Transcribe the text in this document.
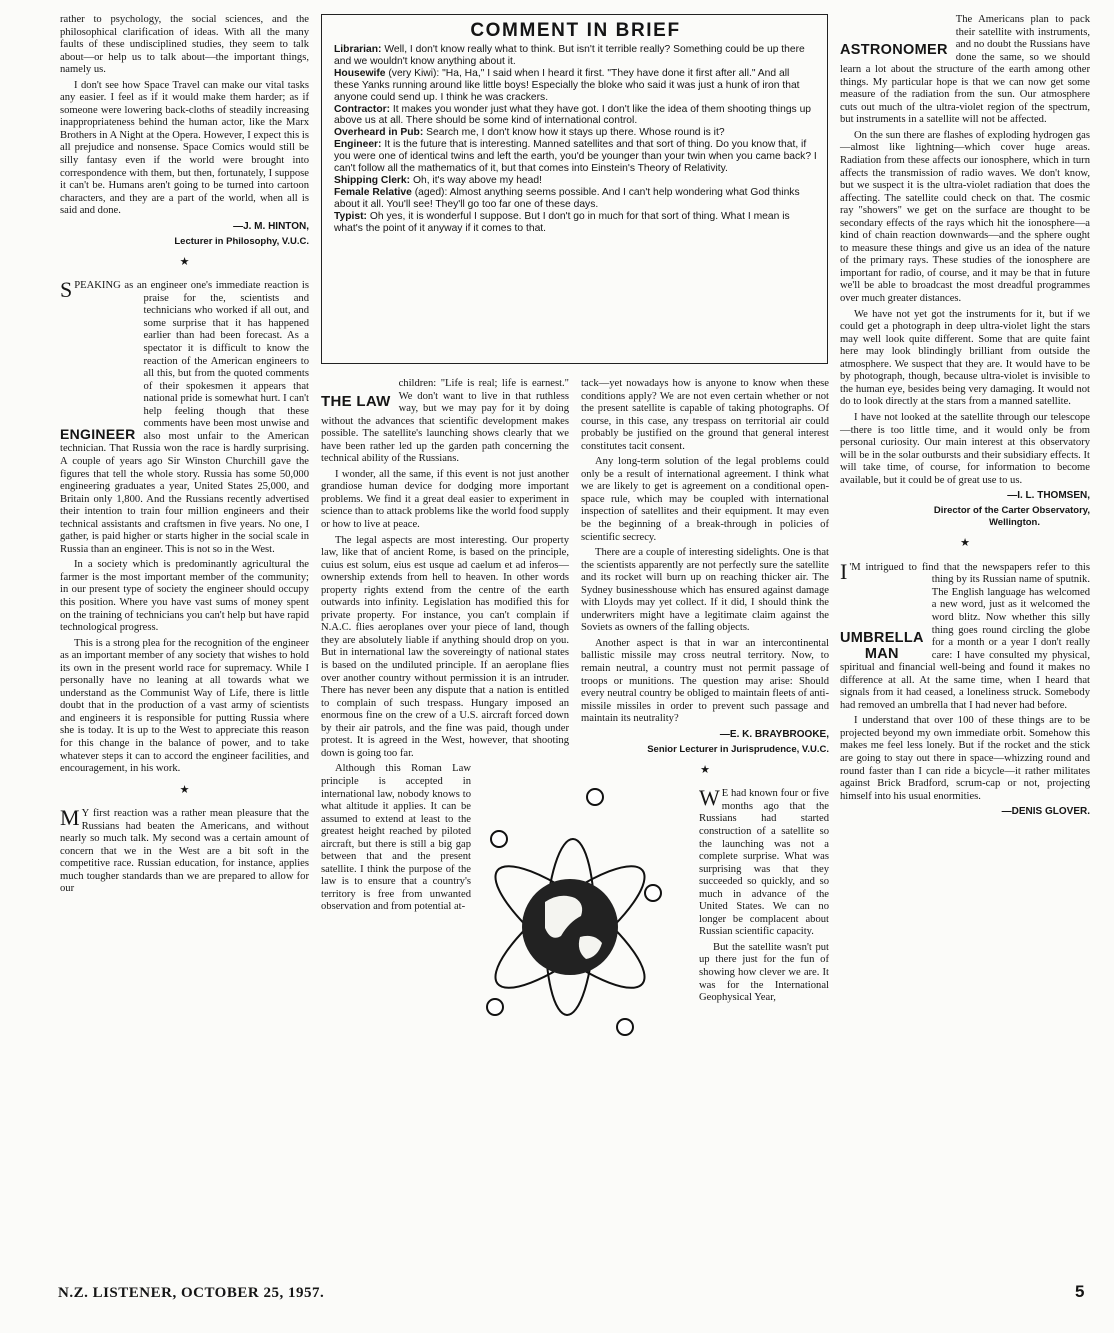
rather to psychology, the social sciences, and the philosophical clarification of ideas. With all the many faults of these undisciplined studies, they seem to talk about—or help us to talk about—the important things, namely us.

I don't see how Space Travel can make our vital tasks any easier. I feel as if it would make them harder; as if someone were lowering back-cloths of steadily increasing inappropriateness behind the human actor, like the Marx Brothers in A Night at the Opera. However, I expect this is all prejudice and nonsense. Space Comics would still be silly fantasy even if the world were brought into correspondence with them, but then, fortunately, I suppose it can't be. Humans aren't going to be turned into cartoon characters, and they are a part of the world, when all is said and done.

—J. M. HINTON,

Lecturer in Philosophy, V.U.C.

★

S
ENGINEER
PEAKING as an engineer one's immediate reaction is praise for the, scientists and technicians who worked if all out, and some surprise that it has happened earlier than had been forecast. As a spectator it is difficult to know the reaction of the American engineers to all this, but from the quoted comments of their spokesmen it appears that national pride is somewhat hurt. I can't help feeling though that these comments have been most unwise and also most unfair to the American technician. That Russia won the race is hardly surprising. A couple of years ago Sir Winston Churchill gave the figures that tell the whole story. Russia has some 50,000 engineering graduates a year, United States 25,000, and Britain only 1,800. And the Russians recently advertised their intention to train four million engineers and their technical assistants and craftsmen in five years. No one, I gather, is paid higher or starts higher in the social scale in Russia than an engineer. This is not so in the West.

In a society which is predominantly agricultural the farmer is the most important member of the community; in our present type of society the engineer should occupy this position. Where you have vast sums of money spent on the training of technicians you can't help but have rapid technological progress.

This is a strong plea for the recognition of the engineer as an important member of any society that wishes to hold its own in the present world race for supremacy. While I personally have no leaning at all towards what we understand as the Communist Way of Life, there is little doubt that in the production of a vast army of scientists and engineers it is responsible for putting Russia where she is today. It is up to the West to appreciate this reason for this change in the balance of power, and to take whatever steps it can to accord the engineer facilities, and encouragement, in his work.

★

M Y first reaction was a rather mean pleasure that the Russians had beaten the Americans, and without nearly so much talk. My second was a certain amount of concern that we in the West are a bit soft in the competitive race. Russian education, for instance, applies much tougher standards than we are prepared to allow for our

COMMENT IN BRIEF

Librarian: Well, I don't know really what to think. But isn't it terrible really? Something could be up there and we wouldn't know anything about it.

Housewife (very Kiwi): "Ha, Ha," I said when I heard it first. "They have done it first after all." And all these Yanks running around like little boys! Especially the bloke who said it was just a hunk of iron that anyone could send up. I think he was crackers.

Contractor: It makes you wonder just what they have got. I don't like the idea of them shooting things up above us at all. There should be some kind of international control.

Overheard in Pub: Search me, I don't know how it stays up there. Whose round is it?

Engineer: It is the future that is interesting. Manned satellites and that sort of thing. Do you know that, if you were one of identical twins and left the earth, you'd be younger than your twin when you came back? I can't follow all the mathematics of it, but that comes into Einstein's Theory of Relativity.

Shipping Clerk: Oh, it's way above my head!

Female Relative (aged): Almost anything seems possible. And I can't help wondering what God thinks about it all. You'll see! They'll go too far one of these days.

Typist: Oh yes, it is wonderful I suppose. But I don't go in much for that sort of thing. What I mean is what's the point of it anyway if it comes to that.

THE LAW
children: "Life is real; life is earnest." We don't want to live in that ruthless way, but we may pay for it by doing without the advances that scientific development makes possible. The satellite's launching shows clearly that we have been rather led up the garden path concerning the technical ability of the Russians.

I wonder, all the same, if this event is not just another grandiose human device for dodging more important problems. We find it a great deal easier to experiment in science than to attack problems like the world food supply or how to live at peace.

The legal aspects are most interesting. Our property law, like that of ancient Rome, is based on the principle, cuius est solum, eius est usque ad caelum et ad inferos—ownership extends from hell to heaven. In other words property rights extend from the centre of the earth outwards into infinity. Legislation has modified this for private property. For instance, you can't complain if N.A.C. flies aeroplanes over your piece of land, though they are absolutely liable if anything should drop on you. But in international law the sovereingty of national states is based on the undiluted principle. If an aeroplane flies over another country without permission it is an intruder. There has never been any dispute that a nation is entitled to complain of such trespass. Hungary imposed an enormous fine on the crew of a U.S. aircraft forced down by their air patrols, and the fine was paid, though under protest. It is agreed in the West, however, that shooting down is going too far.

Although this Roman Law principle is accepted in international law, nobody knows to what altitude it applies. It can be assumed to extend at least to the greatest height reached by piloted aircraft, but there is still a big gap between that and the present satellite. I think the purpose of the law is to ensure that a country's territory is free from unwanted observation and from potential at-

tack—yet nowadays how is anyone to know when these conditions apply? We are not even certain whether or not the present satellite is capable of taking photographs. Of course, in this case, any trespass on territorial air could probably be justified on the ground that general interest constitutes tacit consent.

Any long-term solution of the legal problems could only be a result of international agreement. I think what we are likely to get is agreement on a conditional open-space rule, which may be coupled with international inspection of satellites and their equipment. It may even be the beginning of a break-through in policies of scientific secrecy.

There are a couple of interesting sidelights. One is that the scientists apparently are not perfectly sure the satellite and its rocket will burn up on reaching thicker air. The Sydney businesshouse which has ensured against damage with Lloyds may yet collect. If it did, I should think the underwriters might have a legitimate claim against the Soviets as owners of the falling objects.

Another aspect is that in war an intercontinental ballistic missile may cross neutral territory. Now, to remain neutral, a country must not permit passage of troops or munitions. The question may arise: Should every neutral country be obliged to maintain fleets of anti-missile missiles in order to prevent such passage and maintain its neutrality?

—E. K. BRAYBROOKE,

Senior Lecturer in Jurisprudence, V.U.C.

★

W E had known four or five months ago that the Russians had started construction of a satellite so the launching was not a complete surprise. What was surprising was that they succeeded so quickly, and so much in advance of the United States. We can no longer be complacent about Russian scientific capacity.

But the satellite wasn't put up there just for the fun of showing how clever we are. It was for the International Geophysical Year,

ASTRONOMER
The Americans plan to pack their satellite with instruments, and no doubt the Russians have done the same, so we should learn a lot about the structure of the earth among other things. My particular hope is that we can now get some measure of the radiation from the sun. Our atmosphere cuts out much of the ultra-violet region of the spectrum, but instruments in a satellite will not be affected.

On the sun there are flashes of exploding hydrogen gas—almost like lightning—which cover huge areas. Radiation from these affects our ionosphere, which in turn affects the transmission of radio waves. We don't know, but we suspect it is the ultra-violet radiation that does the affecting. The satellite could check on that. The cosmic ray "showers" we get on the surface are thought to be secondary effects of the rays which hit the ionosphere—a kind of chain reaction downwards—and the sphere ought to measure these things and give us an idea of the nature of the primary rays. These studies of the ionosphere are important for radio, of course, and it may be that in future we'll be able to broadcast the most dreadful programmes over much greater distances.

We have not yet got the instruments for it, but if we could get a photograph in deep ultra-violet light the stars may well look quite different. Some that are quite faint here may look blindingly brilliant from outside the atmosphere. We suspect that they are. It would have to be by photograph, though, because ultra-violet is invisible to the human eye, besides being very damaging. It would not do to look directly at the stars from a manned satellite.

I have not looked at the satellite through our telescope—there is too little time, and it would only be from personal curiosity. Our main interest at this observatory will be in the solar outbursts and their subsidiary effects. It will take time, of course, for information to become available, but it could be of great use to us.

—I. L. THOMSEN,

Director of the Carter Observatory,

Wellington.

★

I
UMBRELLA
MAN
'M intrigued to find that the newspapers refer to this thing by its Russian name of sputnik. The English language has welcomed a new word, just as it welcomed the word blitz. Now whether this silly thing goes round circling the globe for a month or a year I don't really care: I have consulted my physical, spiritual and financial well-being and found it makes no difference at all. At the same time, when I heard that signals from it had ceased, a loneliness struck. Somebody had removed an umbrella that I had never had before.

I understand that over 100 of these things are to be projected beyond my own immediate orbit. Somehow this makes me feel less lonely. But if the rocket and the stick are going to stay out there in space—whizzing round and round faster than I can ride a bicycle—it rather militates against Brick Bradford, scrum-cap or not, projecting himself into his usual enormities.

—DENIS GLOVER.

N.Z. LISTENER, OCTOBER 25, 1957.	5
